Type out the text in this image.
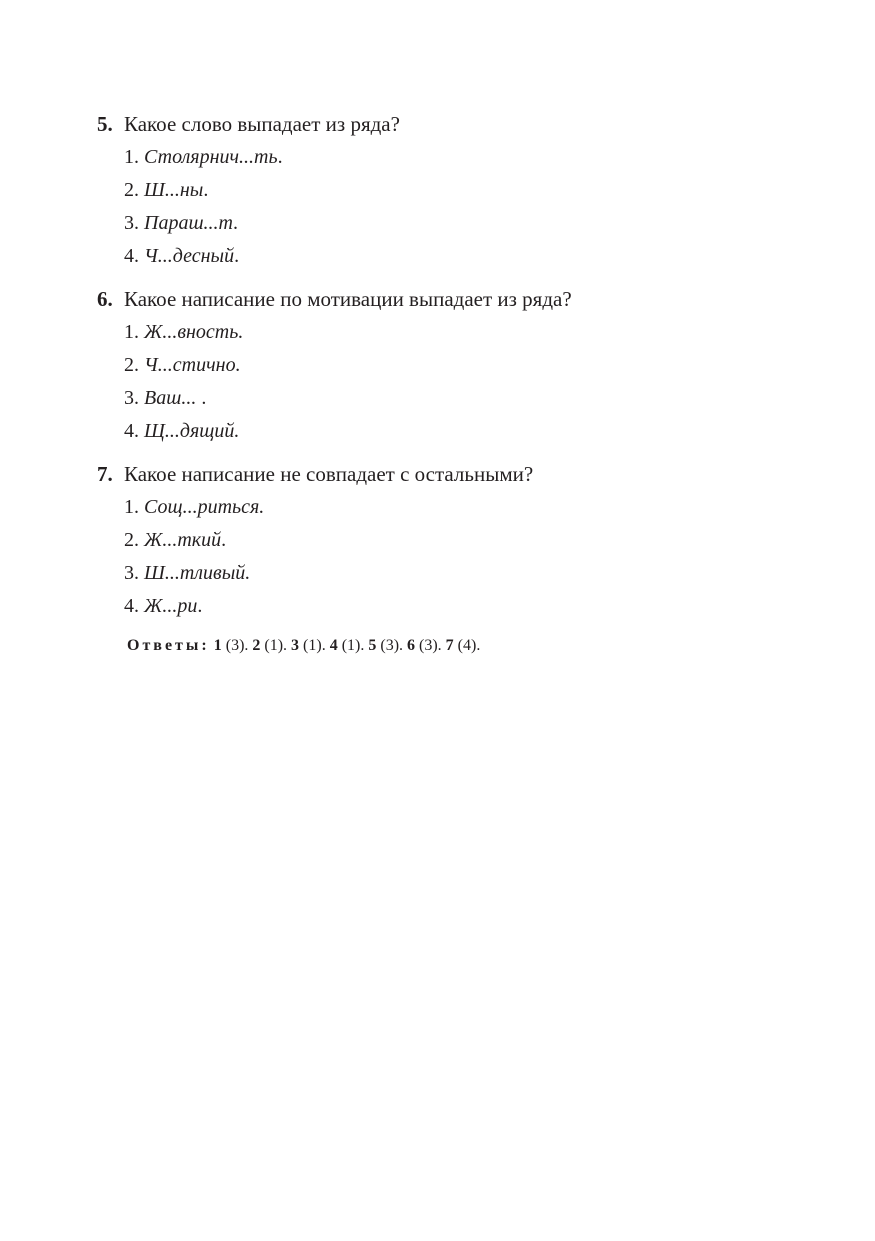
5. Какое слово выпадает из ряда?
1. Столярнич...ть.
2. Ш...ны.
3. Параш...т.
4. Ч...десный.
6. Какое написание по мотивации выпадает из ряда?
1. Ж...вность.
2. Ч...стично.
3. Ваш... .
4. Щ...дящий.
7. Какое написание не совпадает с остальными?
1. Сощ...риться.
2. Ж...ткий.
3. Ш...тливый.
4. Ж...ри.
Ответы: 1 (3). 2 (1). 3 (1). 4 (1). 5 (3). 6 (3). 7 (4).
